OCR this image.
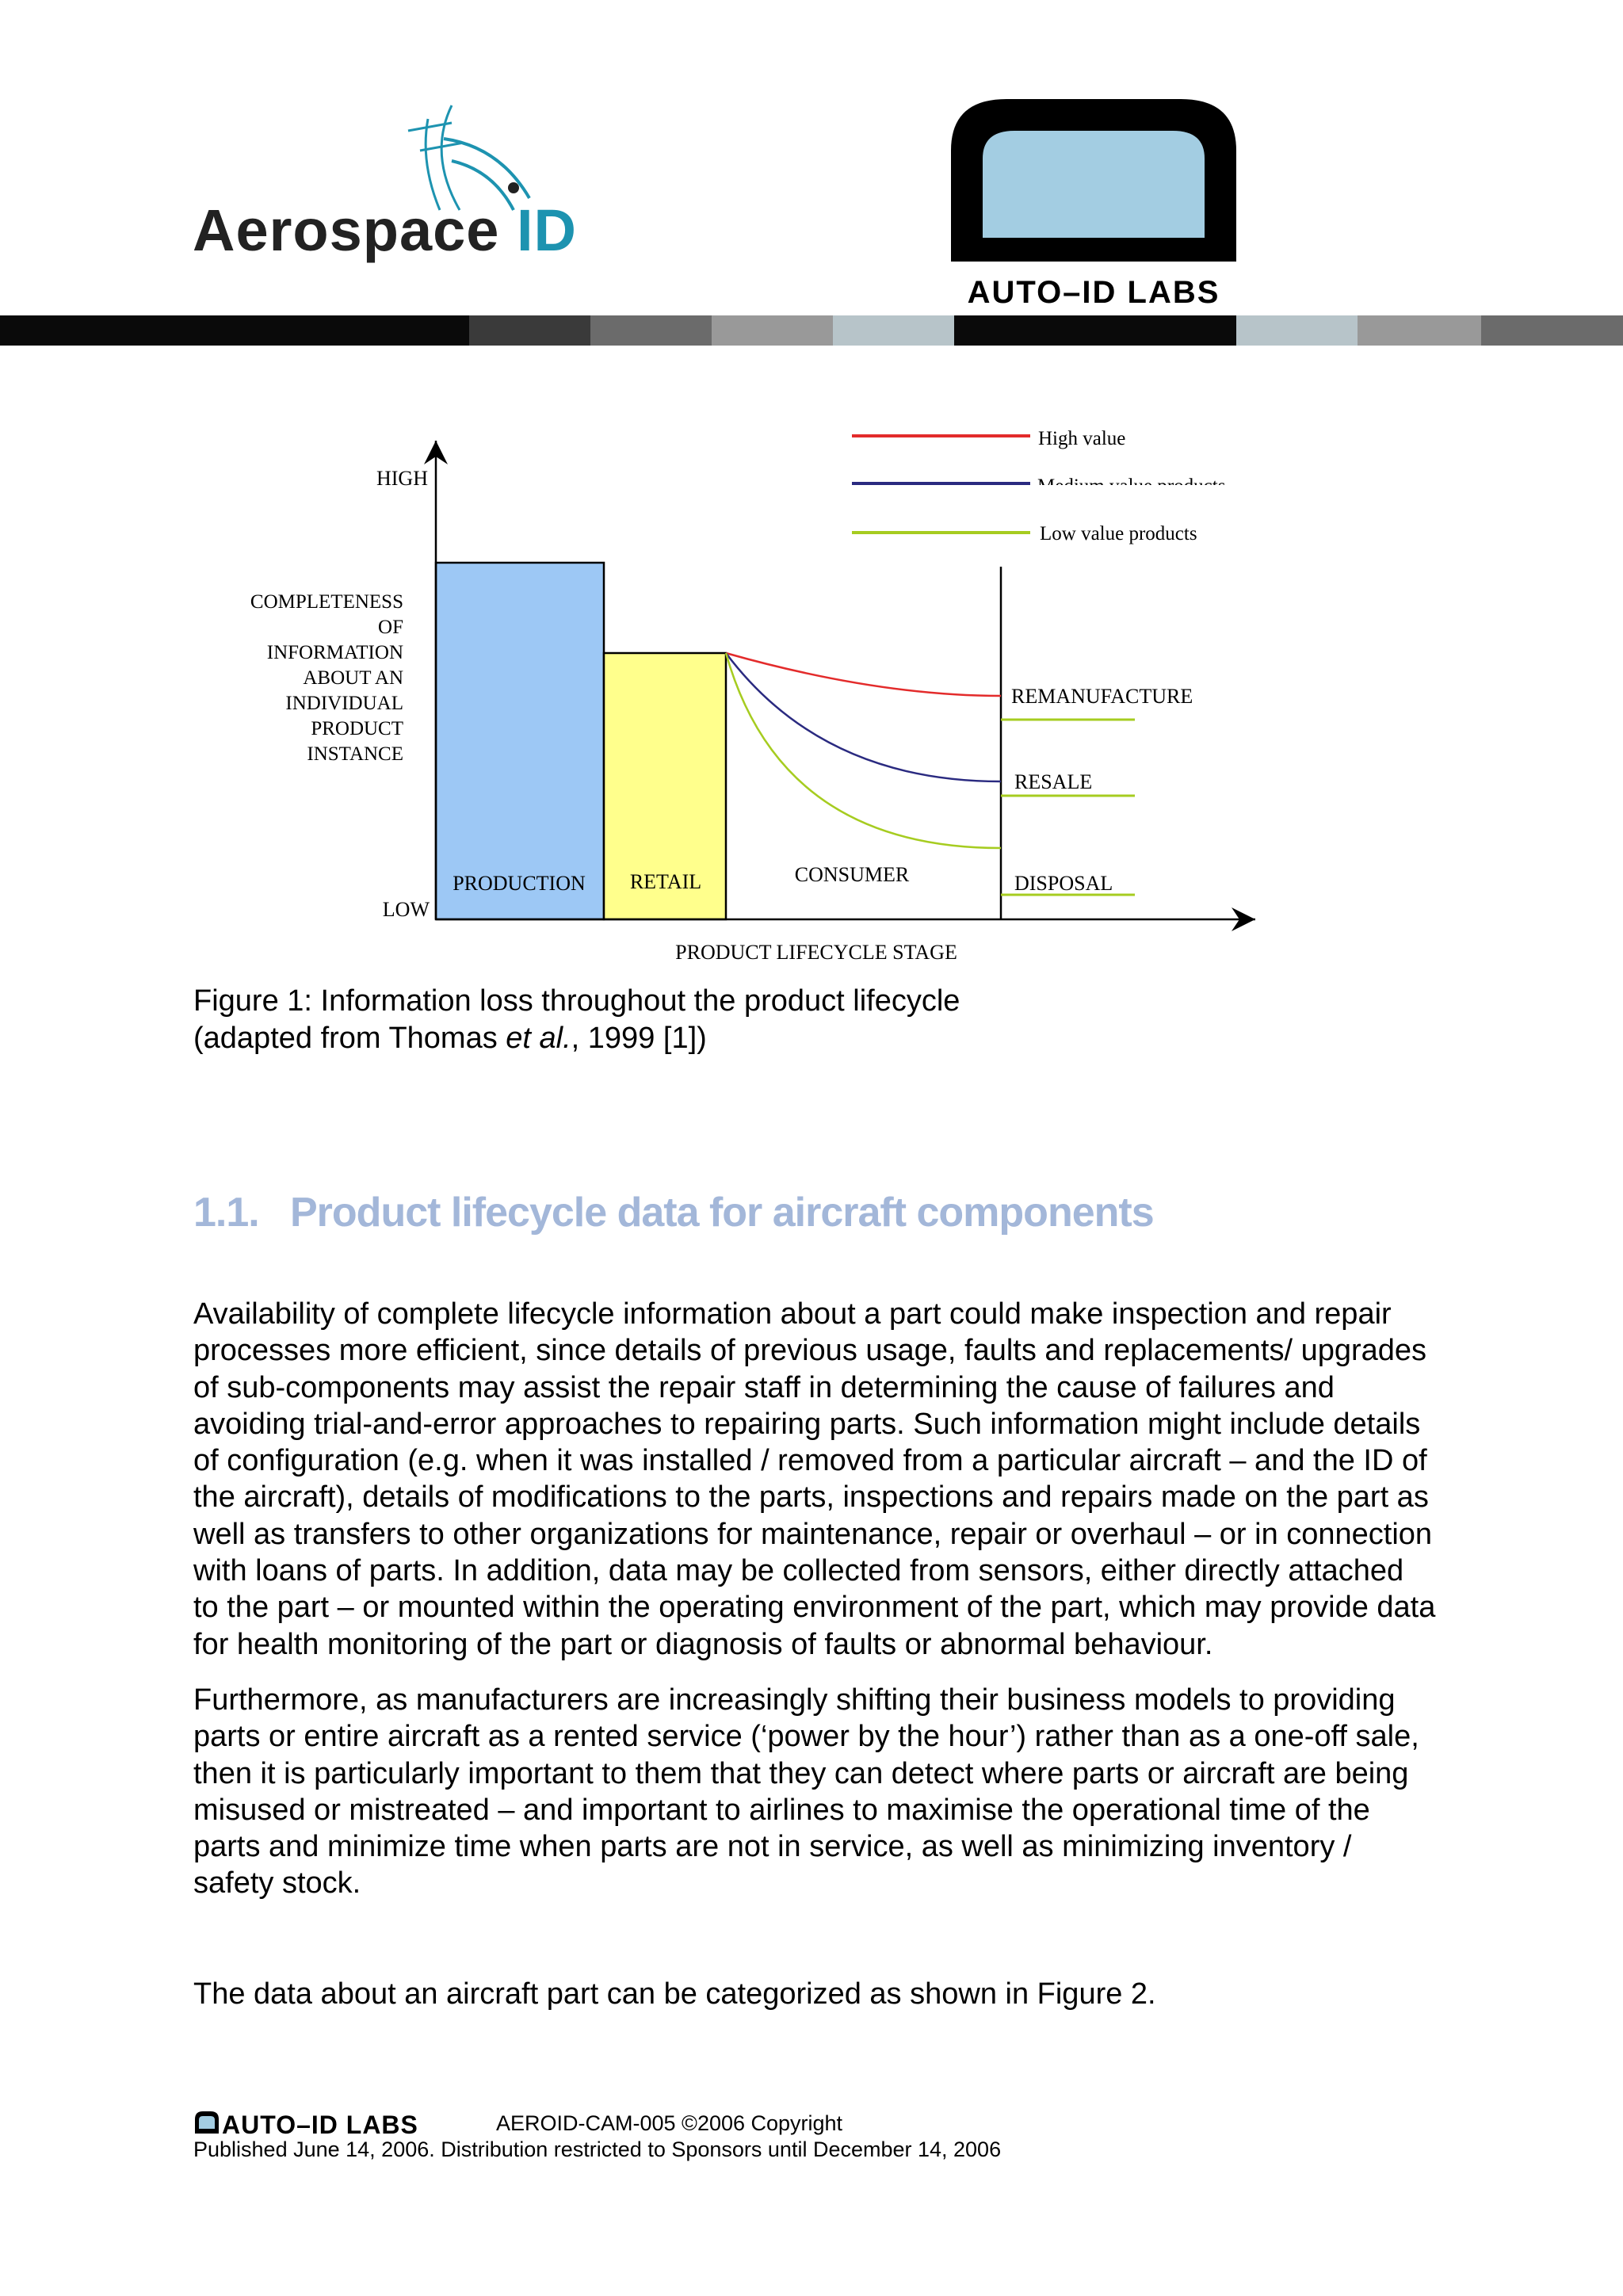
Aerospace ID
AUTO–ID LABS
HIGH
LOW
COMPLETENESS
OF
INFORMATION
ABOUT AN
INDIVIDUAL
PRODUCT
INSTANCE
PRODUCT LIFECYCLE STAGE
PRODUCTION RETAIL	CONSUMER
REMANUFACTURE
RESALE
DISPOSAL
High value
Medium value products
Low value products
Figure 1: Information loss throughout the product lifecycle
(adapted from Thomas et al., 1999 [1])
1.1. Product lifecycle data for aircraft components
Availability of complete lifecycle information about a part could make inspection and repair
processes more efficient, since details of previous usage, faults and replacements/ upgrades
of sub-components may assist the repair staff in determining the cause of failures and
avoiding trial-and-error approaches to repairing parts. Such information might include details
of configuration (e.g. when it was installed / removed from a particular aircraft – and the ID of
the aircraft), details of modifications to the parts, inspections and repairs made on the part as
well as transfers to other organizations for maintenance, repair or overhaul – or in connection
with loans of parts. In addition, data may be collected from sensors, either directly attached
to the part – or mounted within the operating environment of the part, which may provide data
for health monitoring of the part or diagnosis of faults or abnormal behaviour.
Furthermore, as manufacturers are increasingly shifting their business models to providing
parts or entire aircraft as a rented service (‘power by the hour’) rather than as a one-off sale,
then it is particularly important to them that they can detect where parts or aircraft are being
misused or mistreated – and important to airlines to maximise the operational time of the
parts and minimize time when parts are not in service, as well as minimizing inventory /
safety stock.
The data about an aircraft part can be categorized as shown in Figure 2.
AUTO–ID LABS	AEROID-CAM-005 ©2006 Copyright
Published June 14, 2006. Distribution restricted to Sponsors until December 14, 2006
